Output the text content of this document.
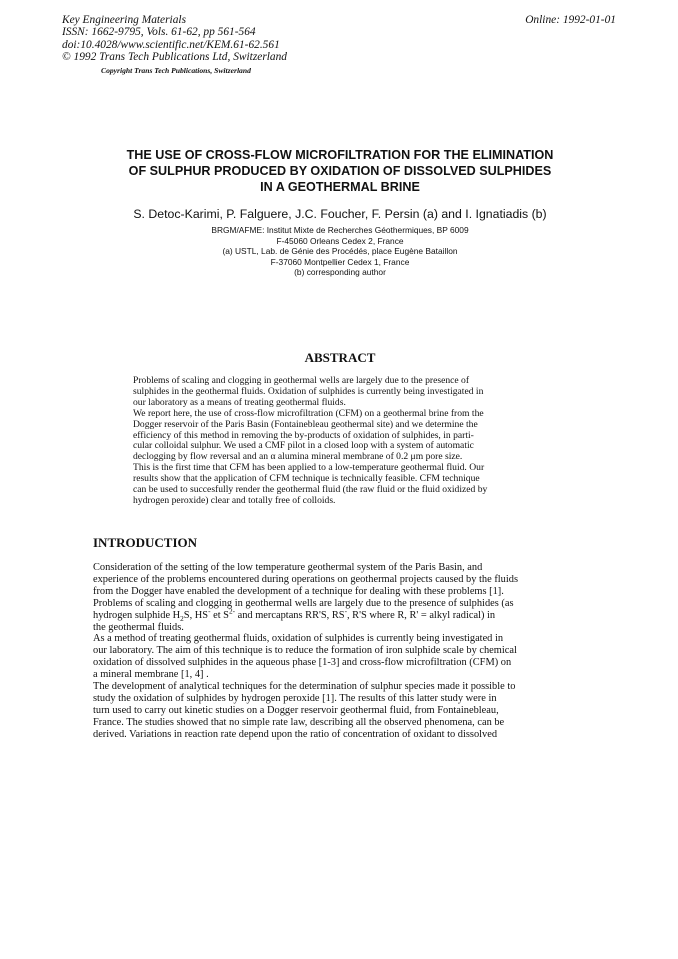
Key Engineering Materials
ISSN: 1662-9795, Vols. 61-62, pp 561-564
doi:10.4028/www.scientific.net/KEM.61-62.561
© 1992 Trans Tech Publications Ltd, Switzerland
Online: 1992-01-01
Copyright Trans Tech Publications, Switzerland
THE USE OF CROSS-FLOW MICROFILTRATION FOR THE ELIMINATION
OF SULPHUR PRODUCED BY OXIDATION OF DISSOLVED SULPHIDES
IN A GEOTHERMAL BRINE
S. Detoc-Karimi, P. Falguere, J.C. Foucher, F. Persin (a) and I. Ignatiadis (b)
BRGM/AFME: Institut Mixte de Recherches Géothermiques, BP 6009
F-45060 Orleans Cedex 2, France
(a) USTL, Lab. de Génie des Procédés, place Eugène Bataillon
F-37060 Montpellier Cedex 1, France
(b) corresponding author
ABSTRACT

Problems of scaling and clogging in geothermal wells are largely due to the presence of

sulphides in the geothermal fluids. Oxidation of sulphides is currently being investigated in

our laboratory as a means of treating geothermal fluids.

We report here, the use of cross-flow microfiltration (CFM) on a geothermal brine from the

Dogger reservoir of the Paris Basin (Fontainebleau geothermal site) and we determine the

efficiency of this method in removing the by-products of oxidation of sulphides, in parti-

cular colloidal sulphur. We used a CMF pilot in a closed loop with a system of automatic

declogging by flow reversal and an α alumina mineral membrane of 0.2 μm pore size.

This is the first time that CFM has been applied to a low-temperature geothermal fluid. Our

results show that the application of CFM technique is technically feasible. CFM technique

can be used to succesfully render the geothermal fluid (the raw fluid or the fluid oxidized by

hydrogen peroxide) clear and totally free of colloids.

INTRODUCTION

Consideration of the setting of the low temperature geothermal system of the Paris Basin, and

experience of the problems encountered during operations on geothermal projects caused by the fluids

from the Dogger have enabled the development of a technique for dealing with these problems [1].

Problems of scaling and clogging in geothermal wells are largely due to the presence of sulphides (as

hydrogen sulphide $H_2S$, HS- et $S^{2-}$ and mercaptans RR'S, RS-, R'S where R, R' = alkyl radical) in

the geothermal fluids.

As a method of treating geothermal fluids, oxidation of sulphides is currently being investigated in

our laboratory. The aim of this technique is to reduce the formation of iron sulphide scale by chemical

oxidation of dissolved sulphides in the aqueous phase [1-3] and cross-flow microfiltration (CFM) on

a mineral membrane [1, 4] .

The development of analytical techniques for the determination of sulphur species made it possible to

study the oxidation of sulphides by hydrogen peroxide [1]. The results of this latter study were in

turn used to carry out kinetic studies on a Dogger reservoir geothermal fluid, from Fontainebleau,

France. The studies showed that no simple rate law, describing all the observed phenomena, can be

derived. Variations in reaction rate depend upon the ratio of concentration of oxidant to dissolved
